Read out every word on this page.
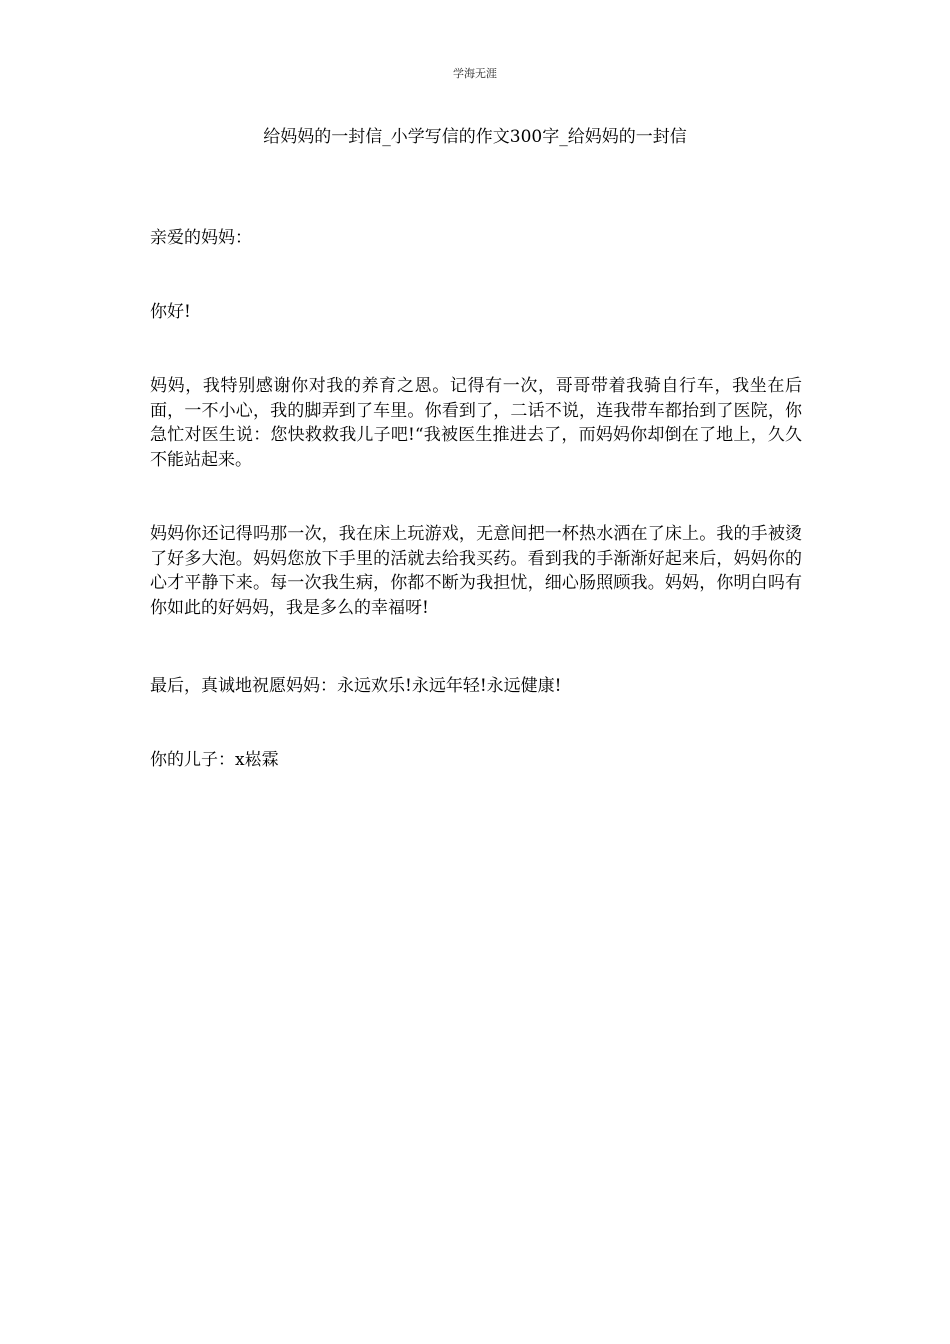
学海无涯
给妈妈的一封信_小学写信的作文300字_给妈妈的一封信

亲爱的妈妈：

你好!

妈妈，我特别感谢你对我的养育之恩。记得有一次，哥哥带着我骑自行车，我坐在后面，一不小心，我的脚弄到了车里。你看到了，二话不说，连我带车都抬到了医院，你急忙对医生说：您快救救我儿子吧!“我被医生推进去了，而妈妈你却倒在了地上，久久不能站起来。

妈妈你还记得吗那一次，我在床上玩游戏，无意间把一杯热水洒在了床上。我的手被烫了好多大泡。妈妈您放下手里的活就去给我买药。看到我的手渐渐好起来后，妈妈你的心才平静下来。每一次我生病，你都不断为我担忧，细心肠照顾我。妈妈，你明白吗有你如此的好妈妈，我是多么的幸福呀!

最后，真诚地祝愿妈妈：永远欢乐!永远年轻!永远健康!

你的儿子：x崧霖
